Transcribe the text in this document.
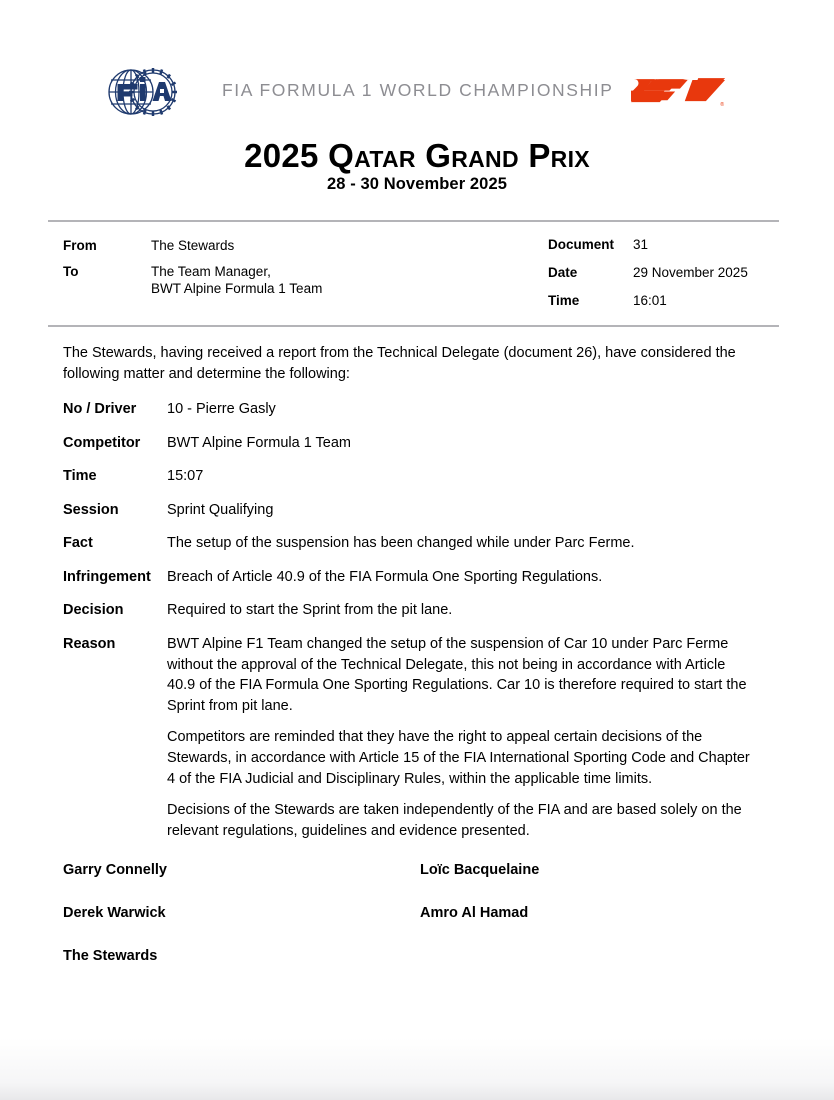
FIA FORMULA 1 WORLD CHAMPIONSHIP
®
2025 Qatar Grand Prix
28 - 30 November 2025
From	The Stewards
To	The Team Manager,
BWT Alpine Formula 1 Team
Document 31
Date	29 November 2025
Time	16:01
The Stewards, having received a report from the Technical Delegate (document 26), have considered the following matter and determine the following:
No / Driver	10 - Pierre Gasly
Competitor	BWT Alpine Formula 1 Team
Time	15:07
Session	Sprint Qualifying
Fact	The setup of the suspension has been changed while under Parc Ferme.
Infringement	Breach of Article 40.9 of the FIA Formula One Sporting Regulations.
Decision	Required to start the Sprint from the pit lane.
Reason	BWT Alpine F1 Team changed the setup of the suspension of Car 10 under Parc Ferme without the approval of the Technical Delegate, this not being in accordance with Article 40.9 of the FIA Formula One Sporting Regulations. Car 10 is therefore required to start the Sprint from pit lane.

Competitors are reminded that they have the right to appeal certain decisions of the Stewards, in accordance with Article 15 of the FIA International Sporting Code and Chapter 4 of the FIA Judicial and Disciplinary Rules, within the applicable time limits.

Decisions of the Stewards are taken independently of the FIA and are based solely on the relevant regulations, guidelines and evidence presented.

Garry Connelly	Loïc Bacquelaine
Derek Warwick	Amro Al Hamad
The Stewards
